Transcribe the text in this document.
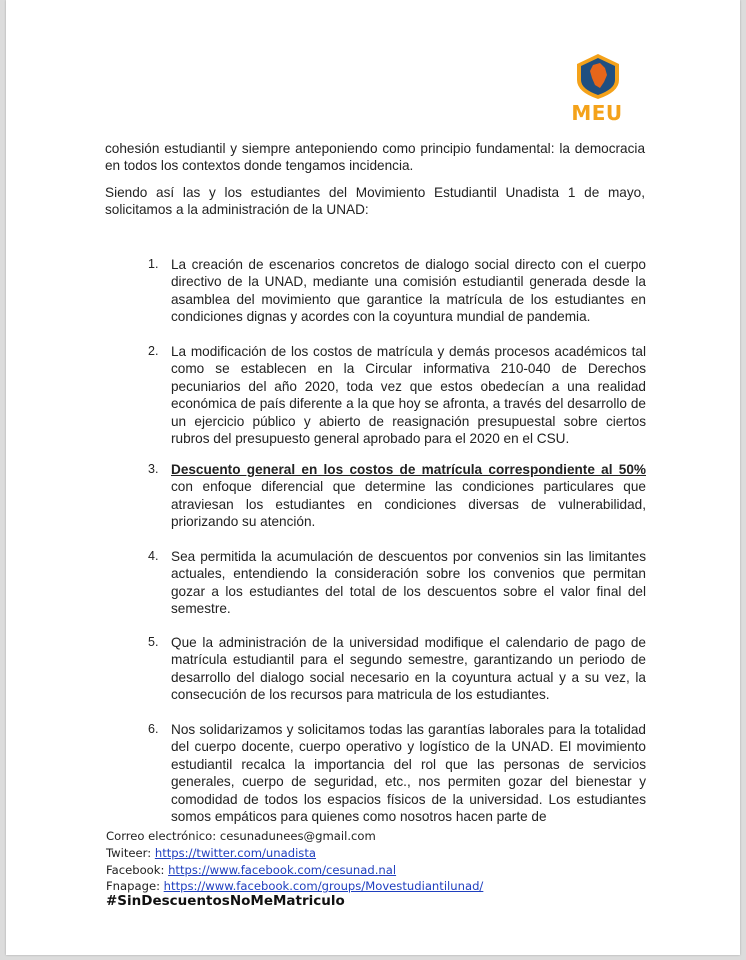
MEU
cohesión estudiantil y siempre anteponiendo como principio fundamental: la democracia en todos los contextos donde tengamos incidencia.
Siendo así las y los estudiantes del Movimiento Estudiantil Unadista 1 de mayo, solicitamos a la administración de la UNAD:
1. La creación de escenarios concretos de dialogo social directo con el cuerpo directivo de la UNAD, mediante una comisión estudiantil generada desde la asamblea del movimiento que garantice la matrícula de los estudiantes en condiciones dignas y acordes con la coyuntura mundial de pandemia.
2. La modificación de los costos de matrícula y demás procesos académicos tal como se establecen en la Circular informativa 210-040 de Derechos pecuniarios del año 2020, toda vez que estos obedecían a una realidad económica de país diferente a la que hoy se afronta, a través del desarrollo de un ejercicio público y abierto de reasignación presupuestal sobre ciertos rubros del presupuesto general aprobado para el 2020 en el CSU.
3. Descuento general en los costos de matrícula correspondiente al 50% con enfoque diferencial que determine las condiciones particulares que atraviesan los estudiantes en condiciones diversas de vulnerabilidad, priorizando su atención.
4. Sea permitida la acumulación de descuentos por convenios sin las limitantes actuales, entendiendo la consideración sobre los convenios que permitan gozar a los estudiantes del total de los descuentos sobre el valor final del semestre.
5. Que la administración de la universidad modifique el calendario de pago de matrícula estudiantil para el segundo semestre, garantizando un periodo de desarrollo del dialogo social necesario en la coyuntura actual y a su vez, la consecución de los recursos para matricula de los estudiantes.
6. Nos solidarizamos y solicitamos todas las garantías laborales para la totalidad del cuerpo docente, cuerpo operativo y logístico de la UNAD. El movimiento estudiantil recalca la importancia del rol que las personas de servicios generales, cuerpo de seguridad, etc., nos permiten gozar del bienestar y comodidad de todos los espacios físicos de la universidad. Los estudiantes somos empáticos para quienes como nosotros hacen parte de
Correo electrónico: cesunadunees@gmail.com
Twiteer: https://twitter.com/unadista
Facebook: https://www.facebook.com/cesunad.nal
Fnapage: https://www.facebook.com/groups/Movestudiantilunad/
#SinDescuentosNoMeMatriculo
